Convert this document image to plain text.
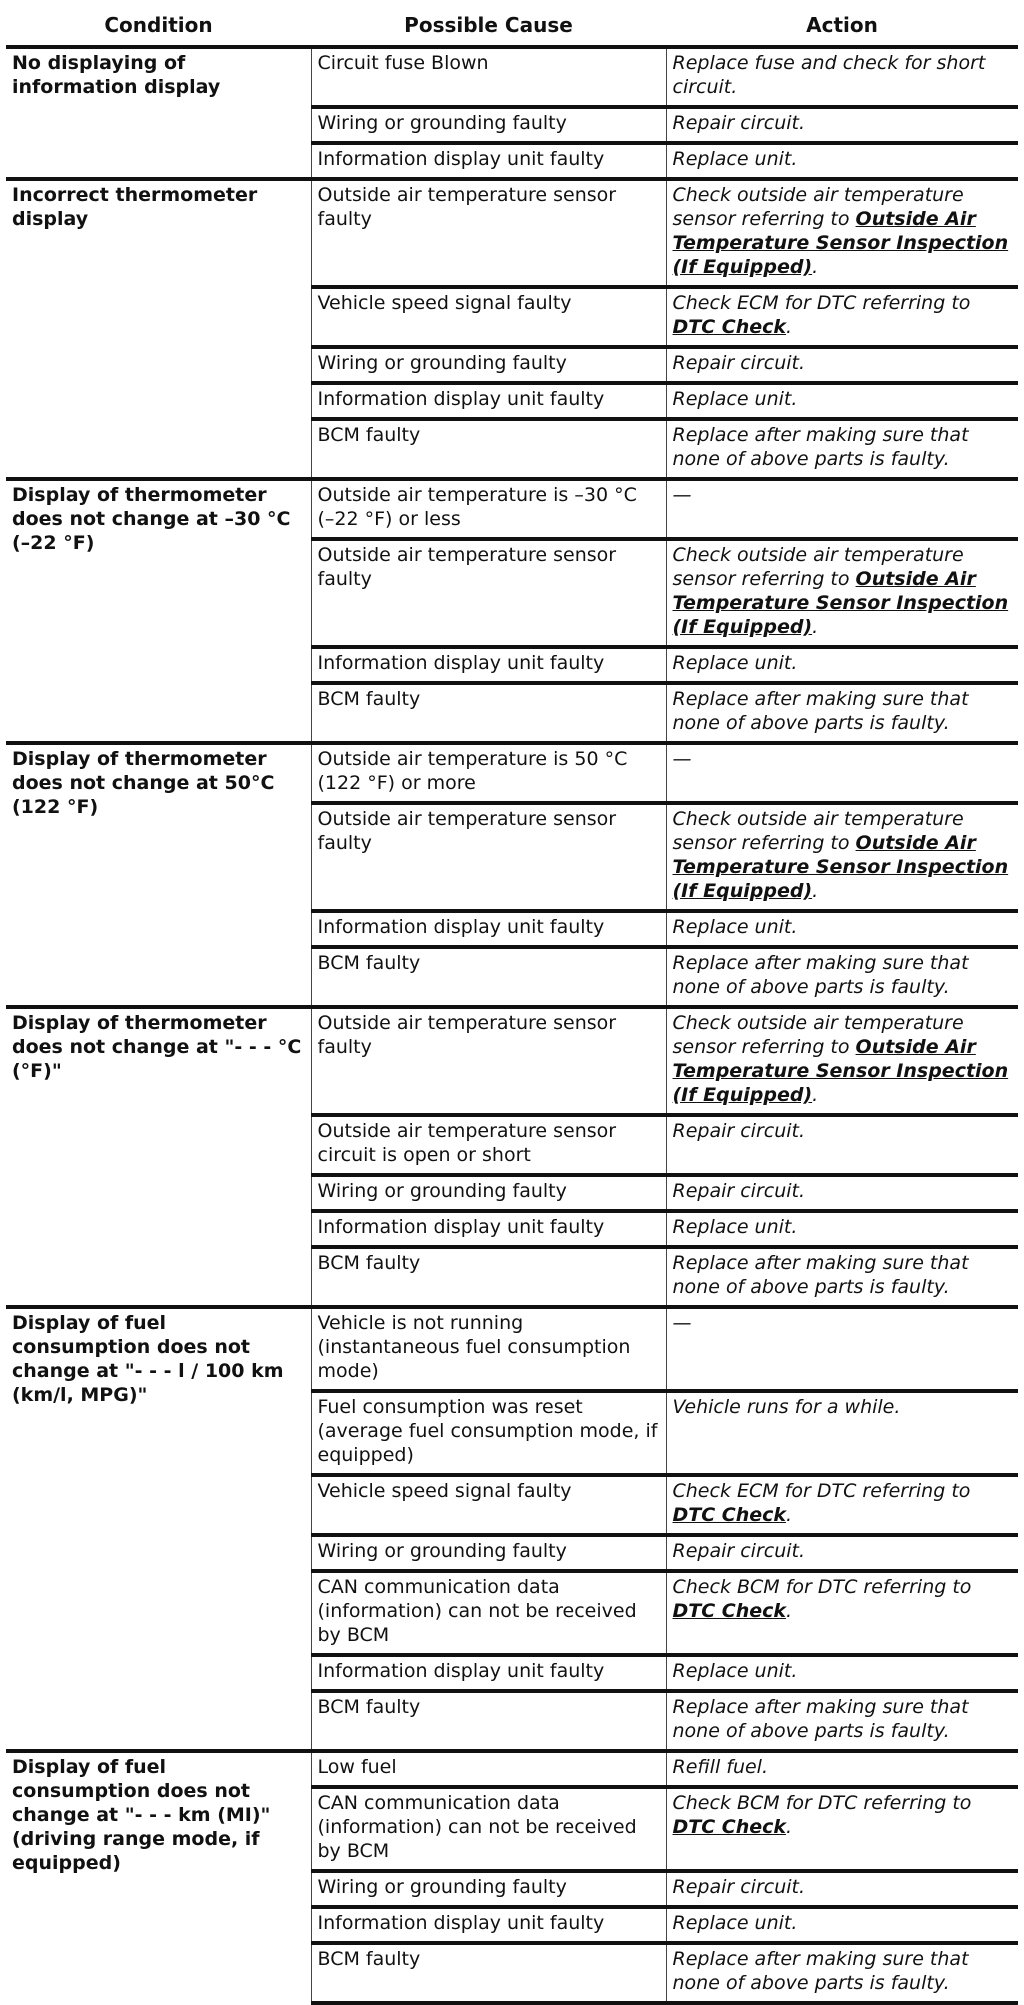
Condition	Possible Cause	Action
No displaying of information display	Circuit fuse Blown	Replace fuse and check for short circuit.
	Wiring or grounding faulty	Repair circuit.
	Information display unit faulty	Replace unit.
Incorrect thermometer display	Outside air temperature sensor faulty	Check outside air temperature sensor referring to Outside Air Temperature Sensor Inspection (If Equipped).
	Vehicle speed signal faulty	Check ECM for DTC referring to DTC Check.
	Wiring or grounding faulty	Repair circuit.
	Information display unit faulty	Replace unit.
	BCM faulty	Replace after making sure that none of above parts is faulty.
Display of thermometer does not change at –30 °C (–22 °F)	Outside air temperature is –30 °C (–22 °F) or less	—
	Outside air temperature sensor faulty	Check outside air temperature sensor referring to Outside Air Temperature Sensor Inspection (If Equipped).
	Information display unit faulty	Replace unit.
	BCM faulty	Replace after making sure that none of above parts is faulty.
Display of thermometer does not change at 50°C (122 °F)	Outside air temperature is 50 °C (122 °F) or more	—
	Outside air temperature sensor faulty	Check outside air temperature sensor referring to Outside Air Temperature Sensor Inspection (If Equipped).
	Information display unit faulty	Replace unit.
	BCM faulty	Replace after making sure that none of above parts is faulty.
Display of thermometer does not change at "- - - °C (°F)"	Outside air temperature sensor faulty	Check outside air temperature sensor referring to Outside Air Temperature Sensor Inspection (If Equipped).
	Outside air temperature sensor circuit is open or short	Repair circuit.
	Wiring or grounding faulty	Repair circuit.
	Information display unit faulty	Replace unit.
	BCM faulty	Replace after making sure that none of above parts is faulty.
Display of fuel consumption does not change at "- - - l / 100 km (km/l, MPG)"	Vehicle is not running (instantaneous fuel consumption mode)	—
	Fuel consumption was reset (average fuel consumption mode, if equipped)	Vehicle runs for a while.
	Vehicle speed signal faulty	Check ECM for DTC referring to DTC Check.
	Wiring or grounding faulty	Repair circuit.
	CAN communication data (information) can not be received by BCM	Check BCM for DTC referring to DTC Check.
	Information display unit faulty	Replace unit.
	BCM faulty	Replace after making sure that none of above parts is faulty.
Display of fuel consumption does not change at "- - - km (MI)" (driving range mode, if equipped)	Low fuel	Refill fuel.
	CAN communication data (information) can not be received by BCM	Check BCM for DTC referring to DTC Check.
	Wiring or grounding faulty	Repair circuit.
	Information display unit faulty	Replace unit.
	BCM faulty	Replace after making sure that none of above parts is faulty.
